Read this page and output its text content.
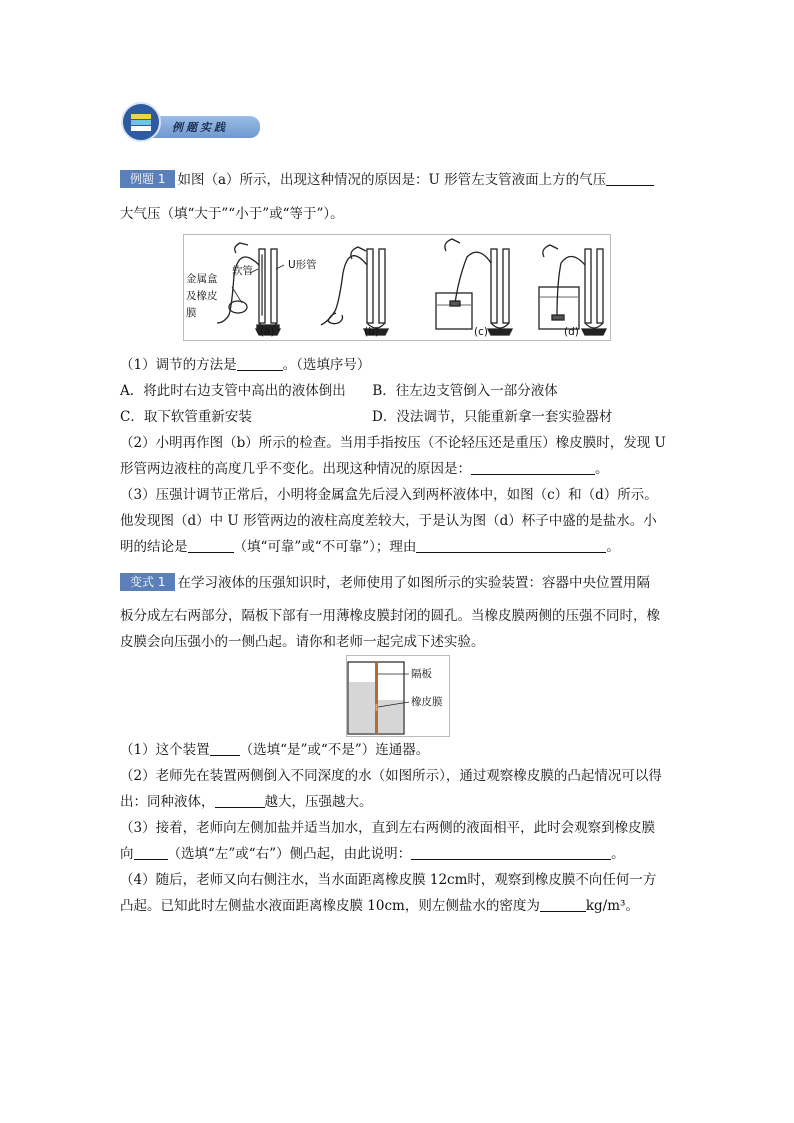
例题实践
例题 1 如图（a）所示，出现这种情况的原因是：U 形管左支管液面上方的气压
大气压（填“大于”“小于”或“等于”）。
金属盒
及橡皮
膜
软管	U形管
(a)	(b)	(c)	(d)
（1）调节的方法是	。（选填序号）
A．将此时右边支管中高出的液体倒出 B．往左边支管倒入一部分液体
C．取下软管重新安装	D．没法调节，只能重新拿一套实验器材
（2）小明再作图（b）所示的检查。当用手指按压（不论轻压还是重压）橡皮膜时，发现 U
形管两边液柱的高度几乎不变化。出现这种情况的原因是：	。
（3）压强计调节正常后，小明将金属盒先后浸入到两杯液体中，如图（c）和（d）所示。
他发现图（d）中 U 形管两边的液柱高度差较大，于是认为图（d）杯子中盛的是盐水。小
明的结论是	（填“可靠”或“不可靠”）；理由	。
变式 1 在学习液体的压强知识时，老师使用了如图所示的实验装置：容器中央位置用隔
板分成左右两部分，隔板下部有一用薄橡皮膜封闭的圆孔。当橡皮膜两侧的压强不同时，橡
皮膜会向压强小的一侧凸起。请你和老师一起完成下述实验。
隔板
橡皮膜
（1）这个装置 （选填“是”或“不是”）连通器。
（2）老师先在装置两侧倒入不同深度的水（如图所示），通过观察橡皮膜的凸起情况可以得
出：同种液体，	越大，压强越大。
（3）接着，老师向左侧加盐并适当加水，直到左右两侧的液面相平，此时会观察到橡皮膜
向	（选填“左”或“右”）侧凸起，由此说明：	。
（4）随后，老师又向右侧注水，当水面距离橡皮膜 12cm时，观察到橡皮膜不向任何一方
凸起。已知此时左侧盐水液面距离橡皮膜 10cm，则左侧盐水的密度为	kg/m³。
